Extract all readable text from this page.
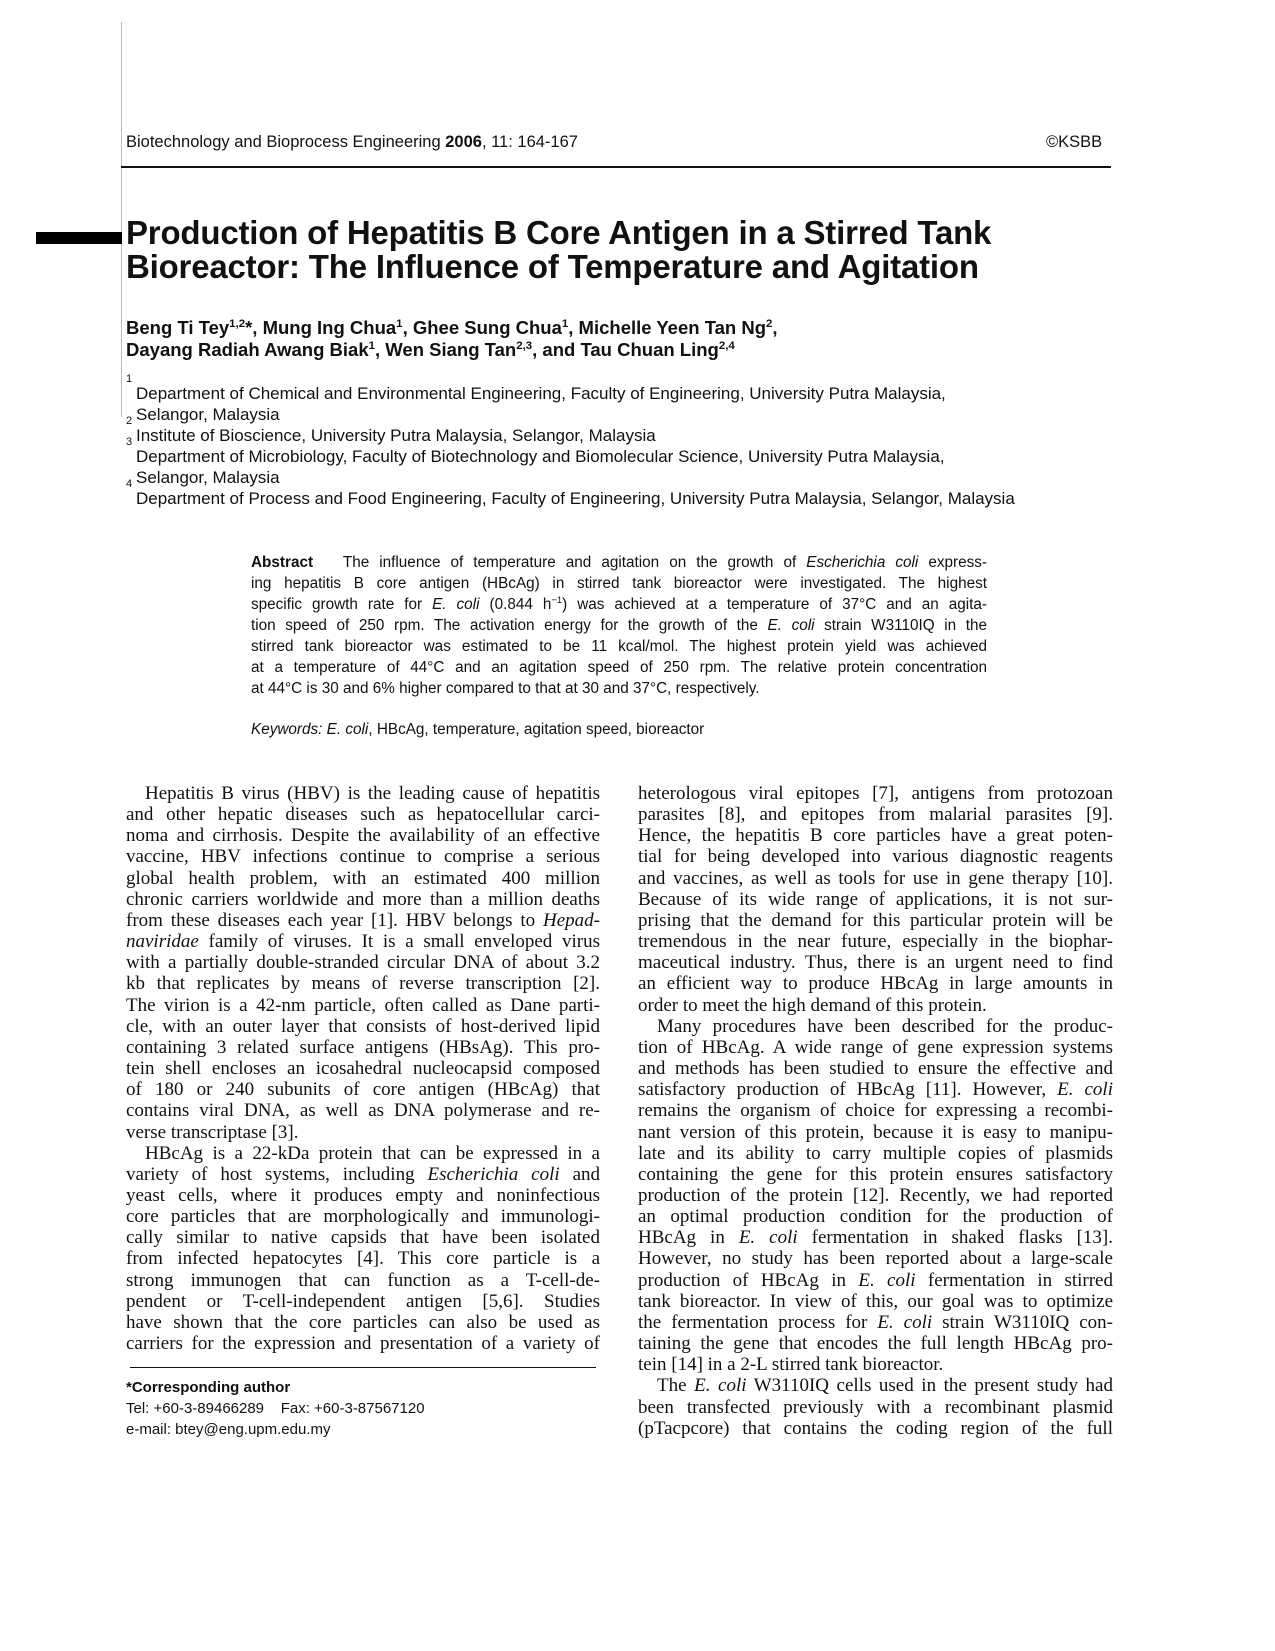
Biotechnology and Bioprocess Engineering 2006, 11: 164-167	©KSBB
Production of Hepatitis B Core Antigen in a Stirred Tank
Bioreactor: The Influence of Temperature and Agitation
Beng Ti Tey$^{1,2}$*, Mung Ing Chua$^1$, Ghee Sung Chua$^1$, Michelle Yeen Tan Ng$^2$,
Dayang Radiah Awang Biak$^1$, Wen Siang Tan$^{2,3}$, and Tau Chuan Ling$^{2,4}$
1
Department of Chemical and Environmental Engineering, Faculty of Engineering, University Putra Malaysia,
Selangor, Malaysia
2
Institute of Bioscience, University Putra Malaysia, Selangor, Malaysia
3
Department of Microbiology, Faculty of Biotechnology and Biomolecular Science, University Putra Malaysia,
Selangor, Malaysia
4
Department of Process and Food Engineering, Faculty of Engineering, University Putra Malaysia, Selangor, Malaysia
Abstract   The influence of temperature and agitation on the growth of Escherichia coli express-
ing hepatitis B core antigen (HBcAg) in stirred tank bioreactor were investigated. The highest
specific growth rate for E. coli (0.844 $h^{-1}$) was achieved at a temperature of 37°C and an agita-
tion speed of 250 rpm. The activation energy for the growth of the E. coli strain W3110IQ in the
stirred tank bioreactor was estimated to be 11 kcal/mol. The highest protein yield was achieved
at a temperature of 44°C and an agitation speed of 250 rpm. The relative protein concentration
at 44°C is 30 and 6% higher compared to that at 30 and 37°C, respectively.
Keywords: E. coli, HBcAg, temperature, agitation speed, bioreactor
Hepatitis B virus (HBV) is the leading cause of hepatitis
and other hepatic diseases such as hepatocellular carci-
noma and cirrhosis. Despite the availability of an effective
vaccine, HBV infections continue to comprise a serious
global health problem, with an estimated 400 million
chronic carriers worldwide and more than a million deaths
from these diseases each year [1]. HBV belongs to Hepad-
naviridae family of viruses. It is a small enveloped virus
with a partially double-stranded circular DNA of about 3.2
kb that replicates by means of reverse transcription [2].
The virion is a 42-nm particle, often called as Dane parti-
cle, with an outer layer that consists of host-derived lipid
containing 3 related surface antigens (HBsAg). This pro-
tein shell encloses an icosahedral nucleocapsid composed
of 180 or 240 subunits of core antigen (HBcAg) that
contains viral DNA, as well as DNA polymerase and re-
verse transcriptase [3].
HBcAg is a 22-kDa protein that can be expressed in a
variety of host systems, including Escherichia coli and
yeast cells, where it produces empty and noninfectious
core particles that are morphologically and immunologi-
cally similar to native capsids that have been isolated
from infected hepatocytes [4]. This core particle is a
strong immunogen that can function as a T-cell-de-
pendent or T-cell-independent antigen [5,6]. Studies
have shown that the core particles can also be used as
carriers for the expression and presentation of a variety of
heterologous viral epitopes [7], antigens from protozoan
parasites [8], and epitopes from malarial parasites [9].
Hence, the hepatitis B core particles have a great poten-
tial for being developed into various diagnostic reagents
and vaccines, as well as tools for use in gene therapy [10].
Because of its wide range of applications, it is not sur-
prising that the demand for this particular protein will be
tremendous in the near future, especially in the biophar-
maceutical industry. Thus, there is an urgent need to find
an efficient way to produce HBcAg in large amounts in
order to meet the high demand of this protein.
Many procedures have been described for the produc-
tion of HBcAg. A wide range of gene expression systems
and methods has been studied to ensure the effective and
satisfactory production of HBcAg [11]. However, E. coli
remains the organism of choice for expressing a recombi-
nant version of this protein, because it is easy to manipu-
late and its ability to carry multiple copies of plasmids
containing the gene for this protein ensures satisfactory
production of the protein [12]. Recently, we had reported
an optimal production condition for the production of
HBcAg in E. coli fermentation in shaked flasks [13].
However, no study has been reported about a large-scale
production of HBcAg in E. coli fermentation in stirred
tank bioreactor. In view of this, our goal was to optimize
the fermentation process for E. coli strain W3110IQ con-
taining the gene that encodes the full length HBcAg pro-
tein [14] in a 2-L stirred tank bioreactor.
The E. coli W3110IQ cells used in the present study had
been transfected previously with a recombinant plasmid
(pTacpcore) that contains the coding region of the full
*Corresponding author
Tel: +60-3-89466289    Fax: +60-3-87567120
e-mail: btey@eng.upm.edu.my
